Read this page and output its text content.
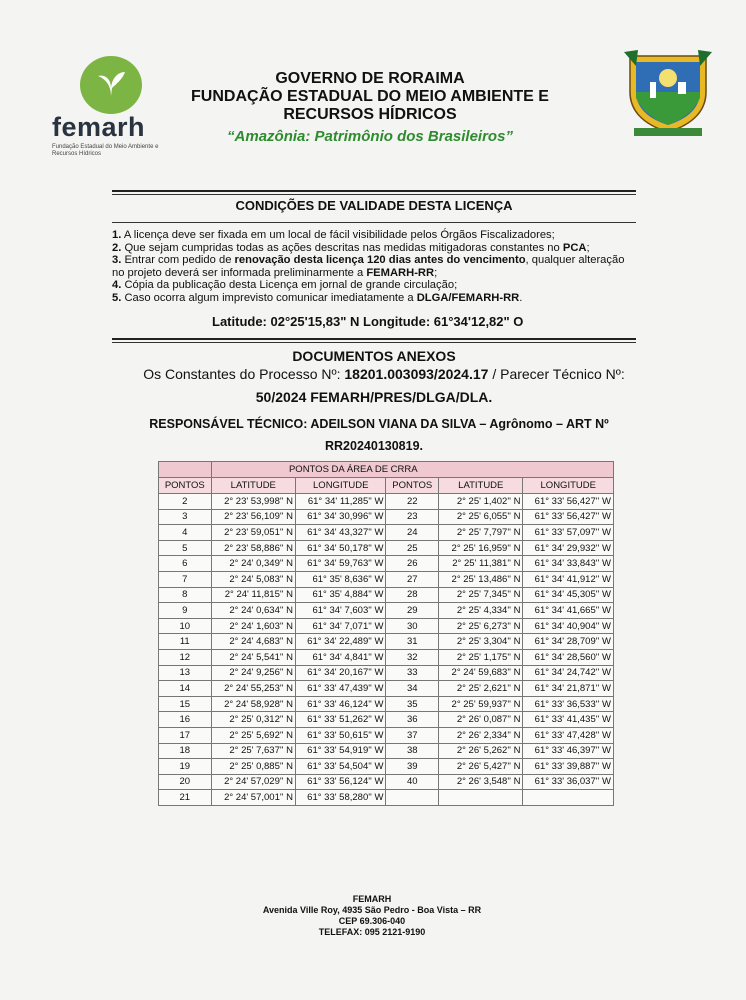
femarh
Fundação Estadual do Meio Ambiente e Recursos Hídricos
GOVERNO DE RORAIMA
FUNDAÇÃO ESTADUAL DO MEIO AMBIENTE E
RECURSOS HÍDRICOS
“Amazônia: Patrimônio dos Brasileiros”
CONDIÇÕES DE VALIDADE DESTA LICENÇA

1. A licença deve ser fixada em um local de fácil visibilidade pelos Órgãos Fiscalizadores;

2. Que sejam cumpridas todas as ações descritas nas medidas mitigadoras constantes no PCA;

3. Entrar com pedido de renovação desta licença 120 dias antes do vencimento, qualquer alteração

no projeto deverá ser informada preliminarmente a FEMARH-RR;

4. Cópia da publicação desta Licença em jornal de grande circulação;

5. Caso ocorra algum imprevisto comunicar imediatamente a DLGA/FEMARH-RR.

Latitude: 02°25'15,83" N Longitude: 61°34'12,82" O
DOCUMENTOS ANEXOS
Os Constantes do Processo Nº: 18201.003093/2024.17 / Parecer Técnico Nº:
50/2024 FEMARH/PRES/DLGA/DLA.
RESPONSÁVEL TÉCNICO: ADEILSON VIANA DA SILVA – Agrônomo – ART Nº
RR20240130819.
	PONTOS DA ÁREA DE CRRA				
PONTOS	LATITUDE	LONGITUDE	PONTOS	LATITUDE	LONGITUDE
2	2° 23' 53,998'' N	61° 34' 11,285'' W	22	2° 25' 1,402'' N	61° 33' 56,427'' W
3	2° 23' 56,109'' N	61° 34' 30,996'' W	23	2° 25' 6,055'' N	61° 33' 56,427'' W
4	2° 23' 59,051'' N	61° 34' 43,327'' W	24	2° 25' 7,797'' N	61° 33' 57,097'' W
5	2° 23' 58,886'' N	61° 34' 50,178'' W	25	2° 25' 16,959'' N	61° 34' 29,932'' W
6	2° 24' 0,349'' N	61° 34' 59,763'' W	26	2° 25' 11,381'' N	61° 34' 33,843'' W
7	2° 24' 5,083'' N	61° 35' 8,636'' W	27	2° 25' 13,486'' N	61° 34' 41,912'' W
8	2° 24' 11,815'' N	61° 35' 4,884'' W	28	2° 25' 7,345'' N	61° 34' 45,305'' W
9	2° 24' 0,634'' N	61° 34' 7,603'' W	29	2° 25' 4,334'' N	61° 34' 41,665'' W
10	2° 24' 1,603'' N	61° 34' 7,071'' W	30	2° 25' 6,273'' N	61° 34' 40,904'' W
11	2° 24' 4,683'' N	61° 34' 22,489'' W	31	2° 25' 3,304'' N	61° 34' 28,709'' W
12	2° 24' 5,541'' N	61° 34' 4,841'' W	32	2° 25' 1,175'' N	61° 34' 28,560'' W
13	2° 24' 9,256'' N	61° 34' 20,167'' W	33	2° 24' 59,683'' N	61° 34' 24,742'' W
14	2° 24' 55,253'' N	61° 33' 47,439'' W	34	2° 25' 2,621'' N	61° 34' 21,871'' W
15	2° 24' 58,928'' N	61° 33' 46,124'' W	35	2° 25' 59,937'' N	61° 33' 36,533'' W
16	2° 25' 0,312'' N	61° 33' 51,262'' W	36	2° 26' 0,087'' N	61° 33' 41,435'' W
17	2° 25' 5,692'' N	61° 33' 50,615'' W	37	2° 26' 2,334'' N	61° 33' 47,428'' W
18	2° 25' 7,637'' N	61° 33' 54,919'' W	38	2° 26' 5,262'' N	61° 33' 46,397'' W
19	2° 25' 0,885'' N	61° 33' 54,504'' W	39	2° 26' 5,427'' N	61° 33' 39,887'' W
20	2° 24' 57,029'' N	61° 33' 56,124'' W	40	2° 26' 3,548'' N	61° 33' 36,037'' W
21	2° 24' 57,001'' N	61° 33' 58,280'' W			
FEMARH
Avenida Ville Roy, 4935 São Pedro - Boa Vista – RR
CEP 69.306-040
TELEFAX: 095 2121-9190
